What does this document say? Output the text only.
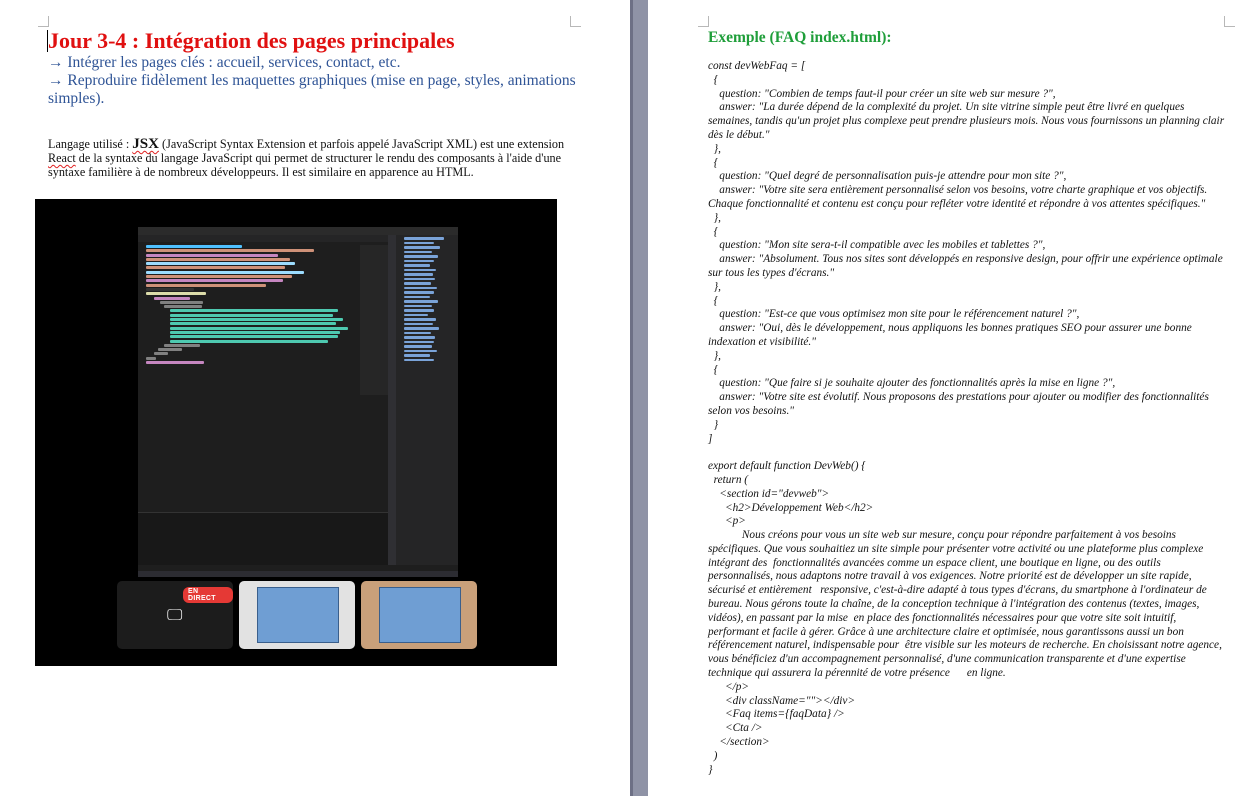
Jour 3-4 : Intégration des pages principales
→ Intégrer les pages clés : accueil, services, contact, etc.
→ Reproduire fidèlement les maquettes graphiques (mise en page, styles, animations simples).
Langage utilisé : JSX (JavaScript Syntax Extension et parfois appelé JavaScript XML) est une extension React de la syntaxe du langage JavaScript qui permet de structurer le rendu des composants à l'aide d'une syntaxe familière à de nombreux développeurs. Il est similaire en apparence au HTML.
EN DIRECT
🖵
Exemple (FAQ index.html):
const devWebFaq = [
{
question: "Combien de temps faut-il pour créer un site web sur mesure ?",
answer: "La durée dépend de la complexité du projet. Un site vitrine simple peut être livré en quelques semaines, tandis qu'un projet plus complexe peut prendre plusieurs mois. Nous vous fournissons un planning clair dès le début."
},
{
question: "Quel degré de personnalisation puis-je attendre pour mon site ?",
answer: "Votre site sera entièrement personnalisé selon vos besoins, votre charte graphique et vos objectifs. Chaque fonctionnalité et contenu est conçu pour refléter votre identité et répondre à vos attentes spécifiques."
},
{
question: "Mon site sera-t-il compatible avec les mobiles et tablettes ?",
answer: "Absolument. Tous nos sites sont développés en responsive design, pour offrir une expérience optimale sur tous les types d'écrans."
},
{
question: "Est-ce que vous optimisez mon site pour le référencement naturel ?",
answer: "Oui, dès le développement, nous appliquons les bonnes pratiques SEO pour assurer une bonne indexation et visibilité."
},
{
question: "Que faire si je souhaite ajouter des fonctionnalités après la mise en ligne ?",
answer: "Votre site est évolutif. Nous proposons des prestations pour ajouter ou modifier des fonctionnalités selon vos besoins."
}
]

export default function DevWeb() {
return (
<section id="devweb">
<h2>Développement Web</h2>
<p>
Nous créons pour vous un site web sur mesure, conçu pour répondre parfaitement à vos besoins spécifiques. Que vous souhaitiez un site simple pour présenter votre activité ou une plateforme plus complexe intégrant des  fonctionnalités avancées comme un espace client, une boutique en ligne, ou des outils personnalisés, nous adaptons notre travail à vos exigences. Notre priorité est de développer un site rapide, sécurisé et entièrement   responsive, c'est-à-dire adapté à tous types d'écrans, du smartphone à l'ordinateur de bureau. Nous gérons toute la chaîne, de la conception technique à l'intégration des contenus (textes, images, vidéos), en passant par la mise  en place des fonctionnalités nécessaires pour que votre site soit intuitif, performant et facile à gérer. Grâce à une architecture claire et optimisée, nous garantissons aussi un bon référencement naturel, indispensable pour  être visible sur les moteurs de recherche. En choisissant notre agence, vous bénéficiez d'un accompagnement personnalisé, d'une communication transparente et d'une expertise technique qui assurera la pérennité de votre présence      en ligne.
</p>
<div className=""></div>
<Faq items={faqData} />
<Cta />
</section>
)
}
